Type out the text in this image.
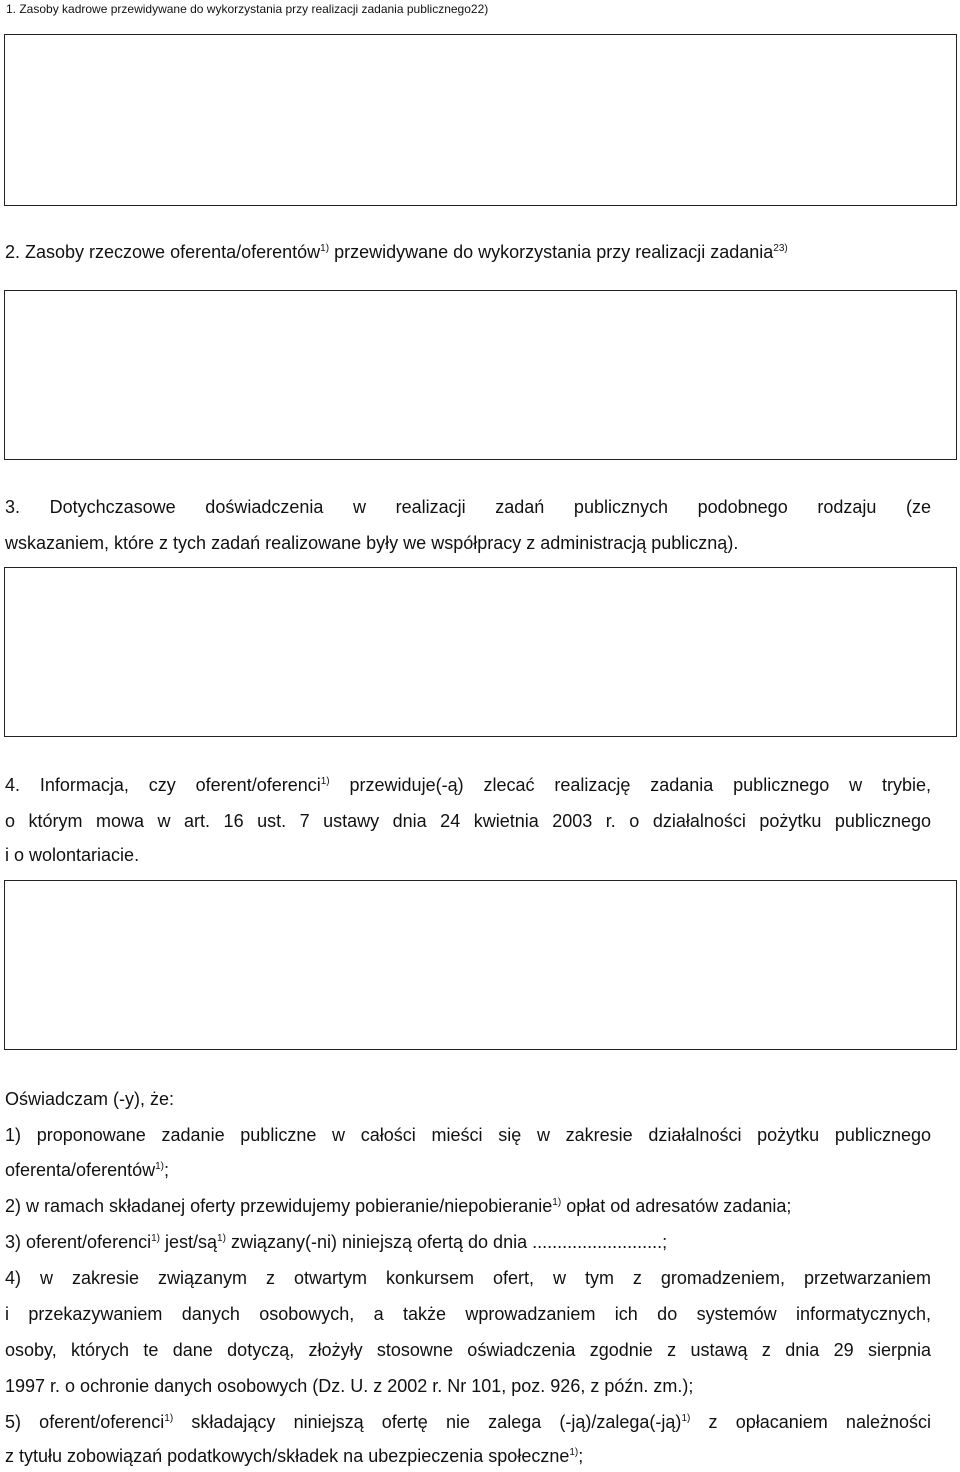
1. Zasoby kadrowe przewidywane do wykorzystania przy realizacji zadania publicznego22)
2. Zasoby rzeczowe oferenta/oferentów$^{1)}$ przewidywane do wykorzystania przy realizacji zadania$^{23)}$
3. Dotychczasowe doświadczenia w realizacji zadań publicznych podobnego rodzaju (ze
wskazaniem, które z tych zadań realizowane były we współpracy z administracją publiczną).
4. Informacja, czy oferent/oferenci$^{1)}$ przewiduje(-ą) zlecać realizację zadania publicznego w trybie,
o którym mowa w art. 16 ust. 7 ustawy dnia 24 kwietnia 2003 r. o działalności pożytku publicznego
i o wolontariacie.
Oświadczam (-y), że:
1) proponowane zadanie publiczne w całości mieści się w zakresie działalności pożytku publicznego
oferenta/oferentów$^{1)}$;
2) w ramach składanej oferty przewidujemy pobieranie/niepobieranie$^{1)}$ opłat od adresatów zadania;
3) oferent/oferenci$^{1)}$ jest/$są^{1)}$ związany(-ni) niniejszą ofertą do dnia ..........................;
4) w zakresie związanym z otwartym konkursem ofert, w tym z gromadzeniem, przetwarzaniem
i przekazywaniem danych osobowych, a także wprowadzaniem ich do systemów informatycznych,
osoby, których te dane dotyczą, złożyły stosowne oświadczenia zgodnie z ustawą z dnia 29 sierpnia
1997 r. o ochronie danych osobowych (Dz. U. z 2002 r. Nr 101, poz. 926, z późn. zm.);
5) oferent/oferenci$^{1)}$ składający niniejszą ofertę nie zalega (-ją)/zalega(-ją)$^{1)}$ z opłacaniem należności
z tytułu zobowiązań podatkowych/składek na ubezpieczenia społeczne$^{1)}$;
